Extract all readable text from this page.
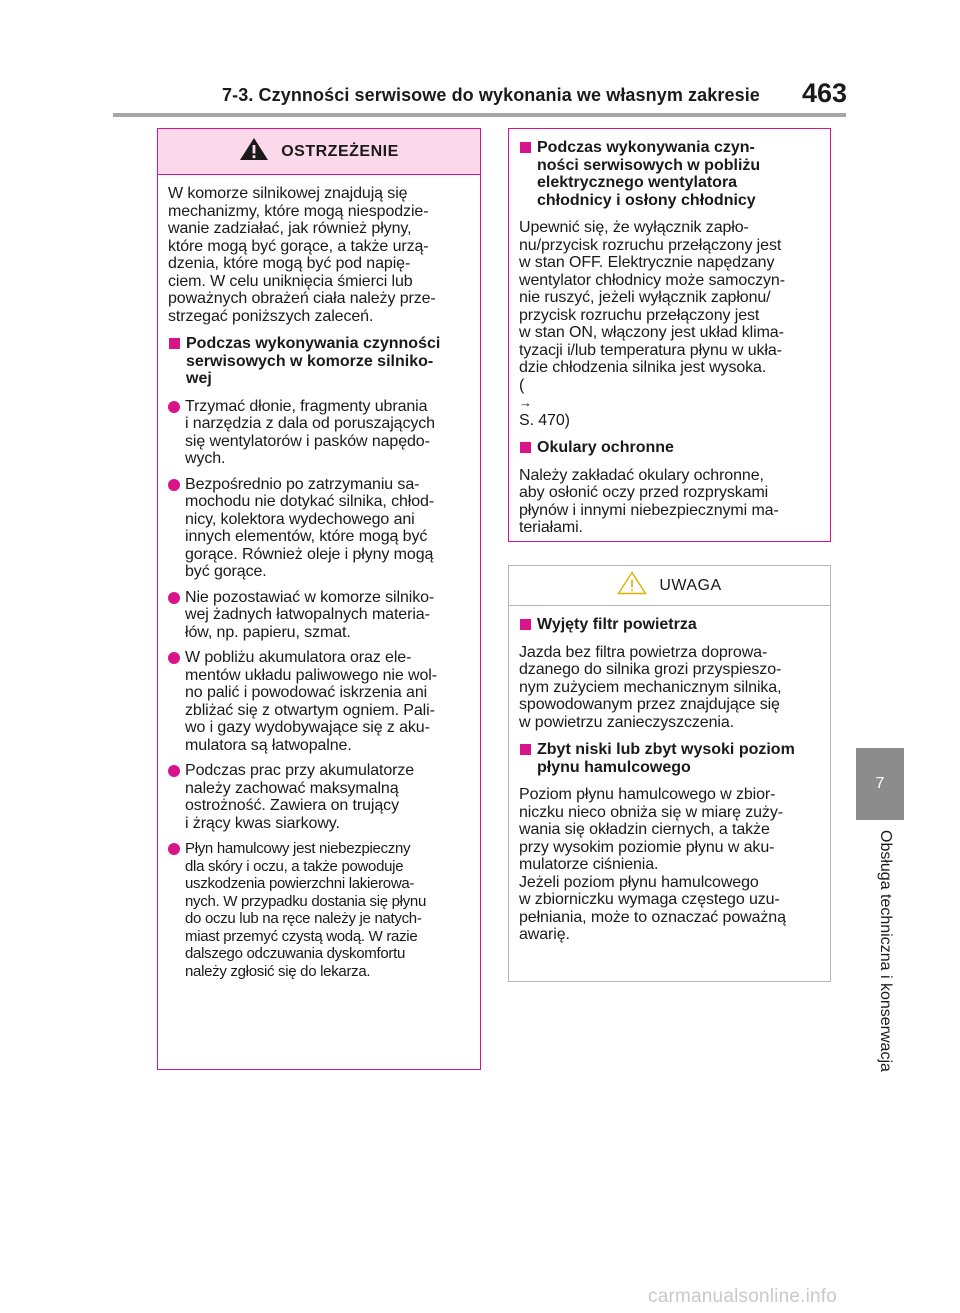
7-3. Czynności serwisowe do wykonania we własnym zakresie 463
7
Obsługa techniczna i konserwacja
OSTRZEŻENIE

W komorze silnikowej znajdują się
mechanizmy, które mogą niespodzie-
wanie zadziałać, jak również płyny,
które mogą być gorące, a także urzą-
dzenia, które mogą być pod napię-
ciem. W celu uniknięcia śmierci lub
poważnych obrażeń ciała należy prze-
strzegać poniższych zaleceń.

Podczas wykonywania czynności
serwisowych w komorze silniko-
wej
Trzymać dłonie, fragmenty ubrania
i narzędzia z dala od poruszających
się wentylatorów i pasków napędo-
wych.
Bezpośrednio po zatrzymaniu sa-
mochodu nie dotykać silnika, chłod-
nicy, kolektora wydechowego ani
innych elementów, które mogą być
gorące. Również oleje i płyny mogą
być gorące.
Nie pozostawiać w komorze silniko-
wej żadnych łatwopalnych materia-
łów, np. papieru, szmat.
W pobliżu akumulatora oraz ele-
mentów układu paliwowego nie wol-
no palić i powodować iskrzenia ani
zbliżać się z otwartym ogniem. Pali-
wo i gazy wydobywające się z aku-
mulatora są łatwopalne.
Podczas prac przy akumulatorze
należy zachować maksymalną
ostrożność. Zawiera on trujący
i żrący kwas siarkowy.
Płyn hamulcowy jest niebezpieczny
dla skóry i oczu, a także powoduje
uszkodzenia powierzchni lakierowa-
nych. W przypadku dostania się płynu
do oczu lub na ręce należy je natych-
miast przemyć czystą wodą. W razie
dalszego odczuwania dyskomfortu
należy zgłosić się do lekarza.
Podczas wykonywania czyn-
ności serwisowych w pobliżu
elektrycznego wentylatora
chłodnicy i osłony chłodnicy

Upewnić się, że wyłącznik zapło-
nu/przycisk rozruchu przełączony jest
w stan OFF. Elektrycznie napędzany
wentylator chłodnicy może samoczyn-
nie ruszyć, jeżeli wyłącznik zapłonu/
przycisk rozruchu przełączony jest
w stan ON, włączony jest układ klima-
tyzacji i/lub temperatura płynu w ukła-
dzie chłodzenia silnika jest wysoka.
(
→
S. 470)

Okulary ochronne

Należy zakładać okulary ochronne,
aby osłonić oczy przed rozpryskami
płynów i innymi niebezpiecznymi ma-
teriałami.

UWAGA
Wyjęty filtr powietrza

Jazda bez filtra powietrza doprowa-
dzanego do silnika grozi przyspieszo-
nym zużyciem mechanicznym silnika,
spowodowanym przez znajdujące się
w powietrzu zanieczyszczenia.

Zbyt niski lub zbyt wysoki poziom
płynu hamulcowego

Poziom płynu hamulcowego w zbior-
niczku nieco obniża się w miarę zuży-
wania się okładzin ciernych, a także
przy wysokim poziomie płynu w aku-
mulatorze ciśnienia.
Jeżeli poziom płynu hamulcowego
w zbiorniczku wymaga częstego uzu-
pełniania, może to oznaczać poważną
awarię.

carmanualsonline.info
